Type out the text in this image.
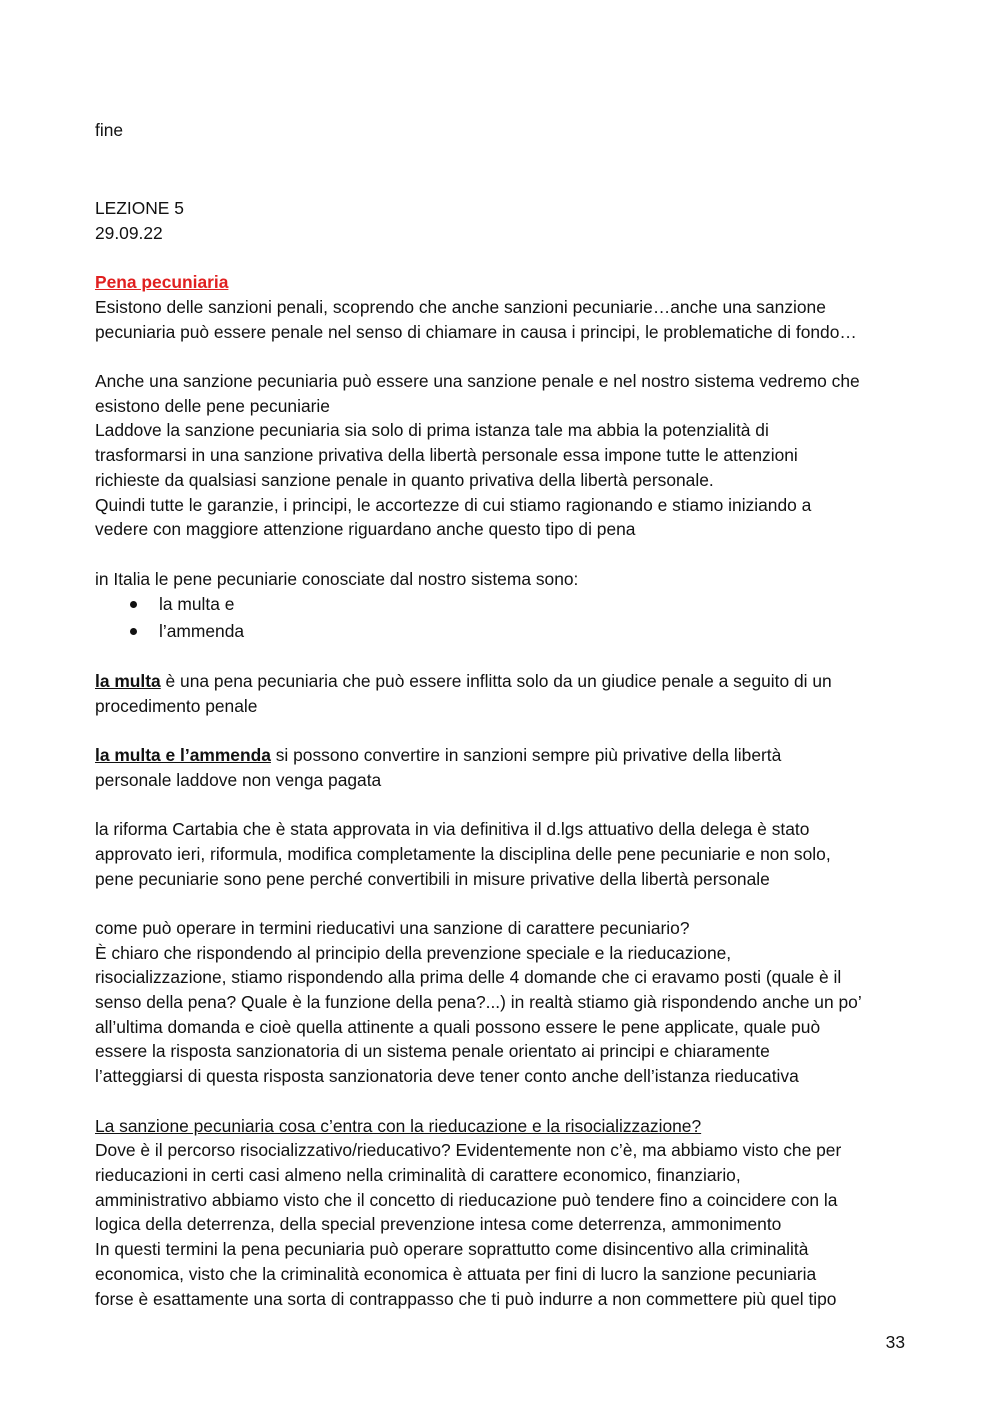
fine
LEZIONE 5
29.09.22
Pena pecuniaria
Esistono delle sanzioni penali, scoprendo che anche sanzioni pecuniarie…anche una sanzione
pecuniaria può essere penale nel senso di chiamare in causa i principi, le problematiche di fondo…
Anche una sanzione pecuniaria può essere una sanzione penale e nel nostro sistema vedremo che
esistono delle pene pecuniarie
Laddove la sanzione pecuniaria sia solo di prima istanza tale ma abbia la potenzialità di
trasformarsi in una sanzione privativa della libertà personale essa impone tutte le attenzioni
richieste da qualsiasi sanzione penale in quanto privativa della libertà personale.
Quindi tutte le garanzie, i principi, le accortezze di cui stiamo ragionando e stiamo iniziando a
vedere con maggiore attenzione riguardano anche questo tipo di pena
in Italia le pene pecuniarie conosciate dal nostro sistema sono:
la multa e
l’ammenda
la multa è una pena pecuniaria che può essere inflitta solo da un giudice penale a seguito di un
procedimento penale
la multa e l’ammenda si possono convertire in sanzioni sempre più privative della libertà
personale laddove non venga pagata
la riforma Cartabia che è stata approvata in via definitiva il d.lgs attuativo della delega è stato
approvato ieri, riformula, modifica completamente la disciplina delle pene pecuniarie e non solo,
pene pecuniarie sono pene perché convertibili in misure privative della libertà personale
come può operare in termini rieducativi una sanzione di carattere pecuniario?
È chiaro che rispondendo al principio della prevenzione speciale e la rieducazione,
risocializzazione, stiamo rispondendo alla prima delle 4 domande che ci eravamo posti (quale è il
senso della pena? Quale è la funzione della pena?...) in realtà stiamo già rispondendo anche un po’
all’ultima domanda e cioè quella attinente a quali possono essere le pene applicate, quale può
essere la risposta sanzionatoria di un sistema penale orientato ai principi e chiaramente
l’atteggiarsi di questa risposta sanzionatoria deve tener conto anche dell’istanza rieducativa
La sanzione pecuniaria cosa c’entra con la rieducazione e la risocializzazione?
Dove è il percorso risocializzativo/rieducativo? Evidentemente non c’è, ma abbiamo visto che per
rieducazioni in certi casi almeno nella criminalità di carattere economico, finanziario,
amministrativo abbiamo visto che il concetto di rieducazione può tendere fino a coincidere con la
logica della deterrenza, della special prevenzione intesa come deterrenza, ammonimento
In questi termini la pena pecuniaria può operare soprattutto come disincentivo alla criminalità
economica, visto che la criminalità economica è attuata per fini di lucro la sanzione pecuniaria
forse è esattamente una sorta di contrappasso che ti può indurre a non commettere più quel tipo
33
